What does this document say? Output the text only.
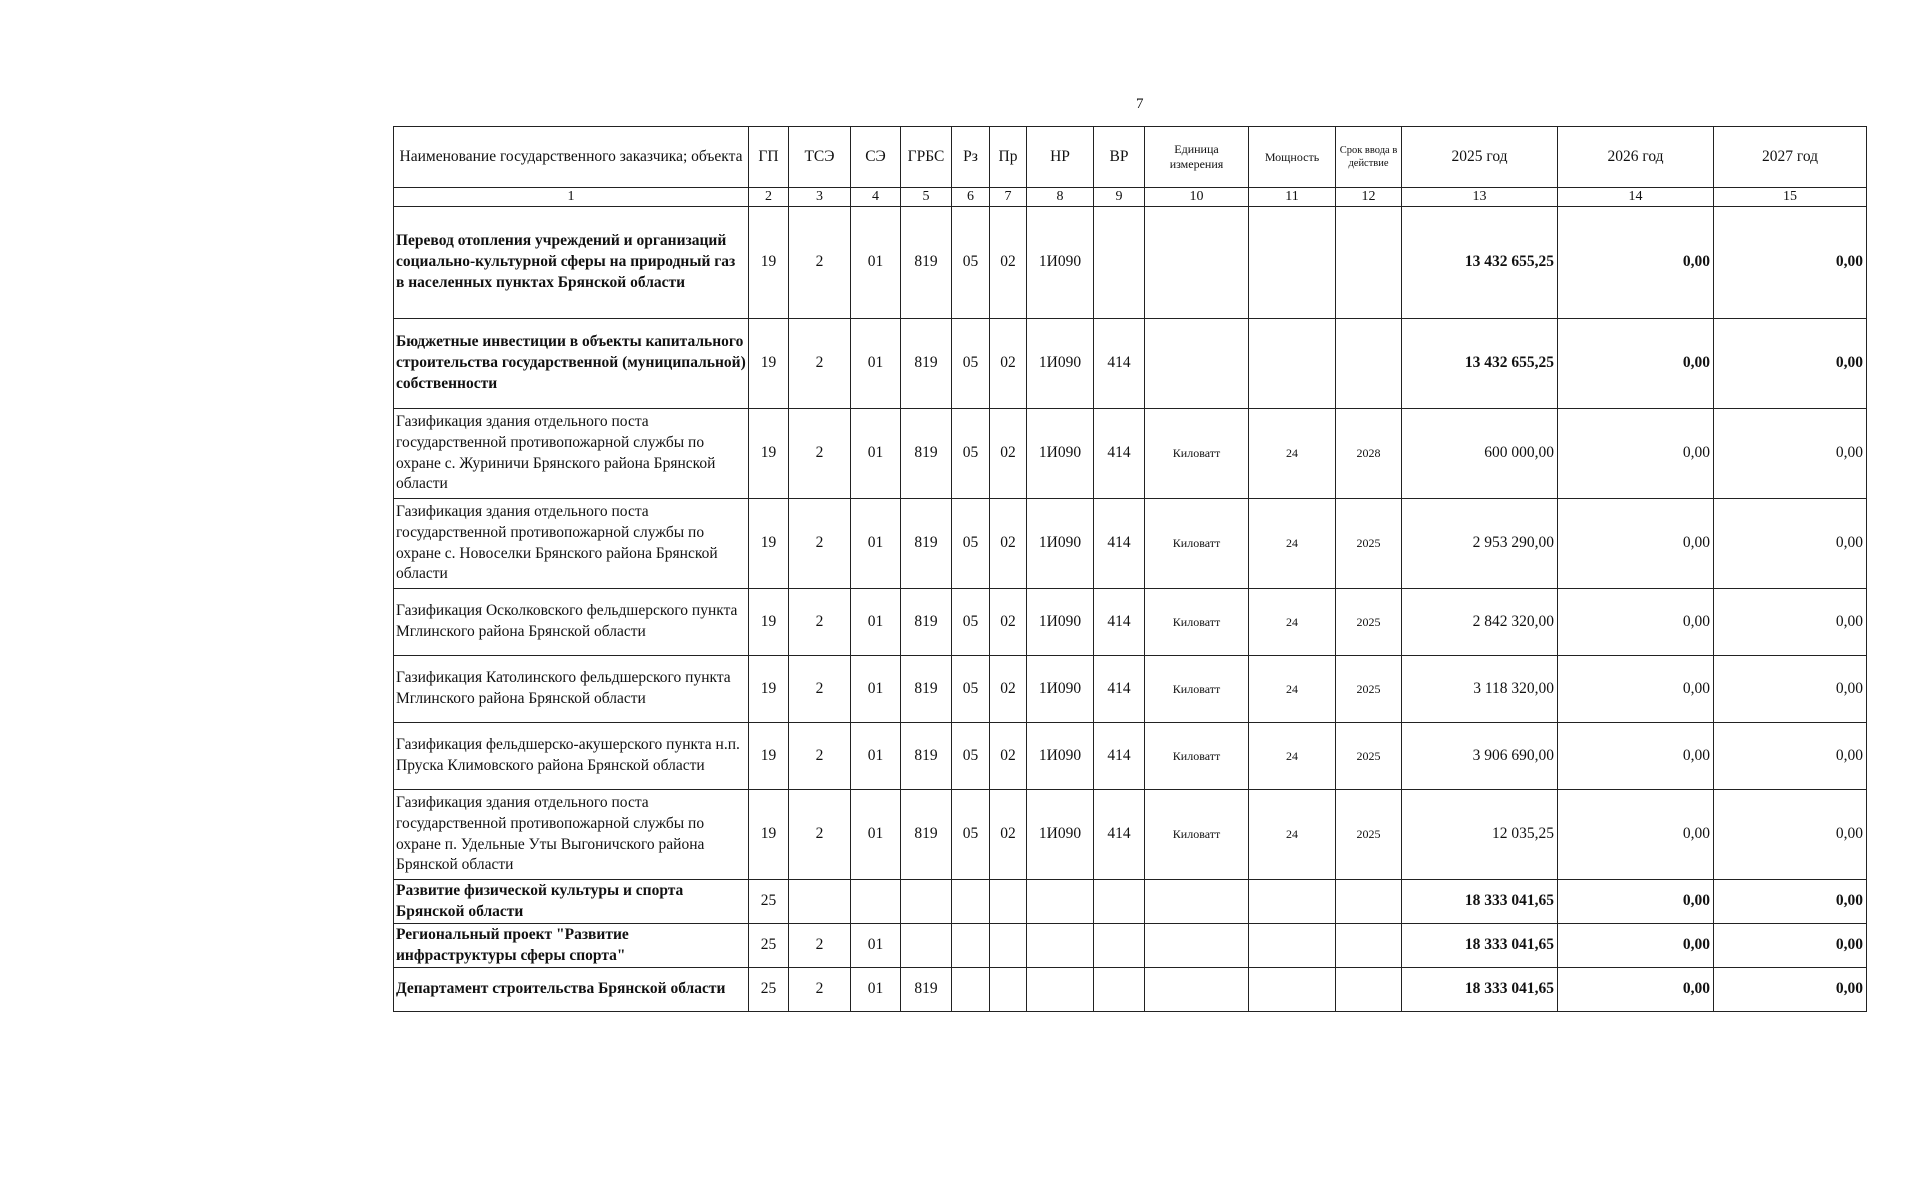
7
Наименование государственного заказчика; объекта	ГП	ТСЭ	СЭ	ГРБС	Рз	Пр	НР	ВР	Единица измерения	Мощность	Срок ввода в действие	2025 год	2026 год	2027 год
1	2	3	4	5	6	7	8	9	10	11	12	13	14	15
Перевод отопления учреждений и организаций социально-культурной сферы на природный газ в населенных пунктах Брянской области	19	2	01	819	05	02	1И090					13 432 655,25	0,00	0,00
Бюджетные инвестиции в объекты капитального строительства государственной (муниципальной) собственности	19	2	01	819	05	02	1И090	414				13 432 655,25	0,00	0,00
Газификация здания отдельного поста государственной противопожарной службы по охране с. Журиничи Брянского района Брянской области	19	2	01	819	05	02	1И090	414	Киловатт	24	2028	600 000,00	0,00	0,00
Газификация здания отдельного поста государственной противопожарной службы по охране с. Новоселки Брянского района Брянской области	19	2	01	819	05	02	1И090	414	Киловатт	24	2025	2 953 290,00	0,00	0,00
Газификация Осколковского фельдшерского пункта Мглинского района Брянской области	19	2	01	819	05	02	1И090	414	Киловатт	24	2025	2 842 320,00	0,00	0,00
Газификация Католинского фельдшерского пункта Мглинского района Брянской области	19	2	01	819	05	02	1И090	414	Киловатт	24	2025	3 118 320,00	0,00	0,00
Газификация фельдшерско-акушерского пункта н.п. Пруска Климовского района Брянской области	19	2	01	819	05	02	1И090	414	Киловатт	24	2025	3 906 690,00	0,00	0,00
Газификация здания отдельного поста государственной противопожарной службы по охране п. Удельные Уты Выгоничского района Брянской области	19	2	01	819	05	02	1И090	414	Киловатт	24	2025	12 035,25	0,00	0,00
Развитие физической культуры и спорта Брянской области	25											18 333 041,65	0,00	0,00
Региональный проект "Развитие инфраструктуры сферы спорта"	25	2	01									18 333 041,65	0,00	0,00
Департамент строительства Брянской области	25	2	01	819								18 333 041,65	0,00	0,00
